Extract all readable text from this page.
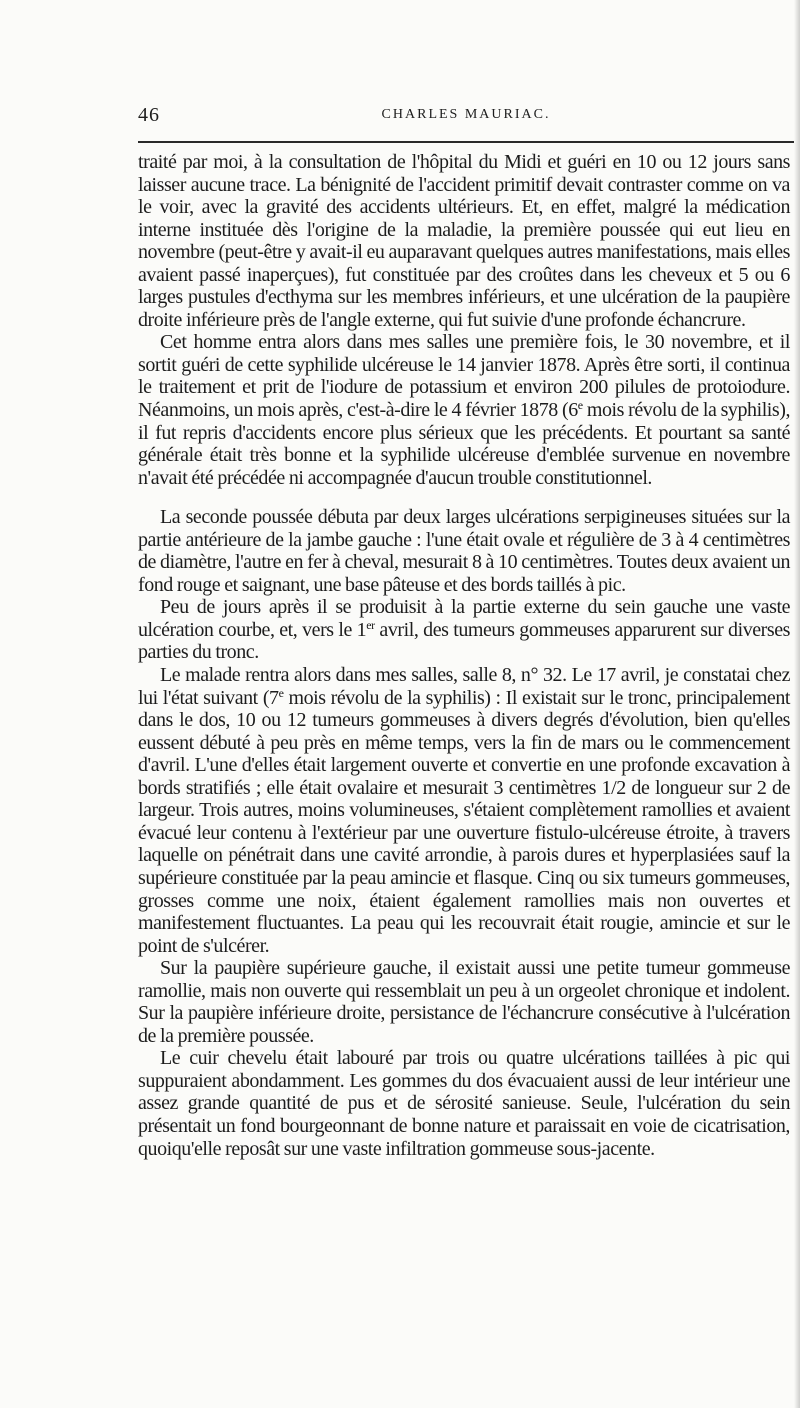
46	CHARLES MAURIAC.

traité par moi, à la consultation de l'hôpital du Midi et guéri en 10 ou 12 jours sans laisser aucune trace. La bénignité de l'accident primitif devait contraster comme on va le voir, avec la gravité des accidents ultérieurs. Et, en effet, malgré la médication interne instituée dès l'origine de la maladie, la première poussée qui eut lieu en novembre (peut-être y avait-il eu auparavant quelques autres manifestations, mais elles avaient passé inaperçues), fut constituée par des croûtes dans les cheveux et 5 ou 6 larges pustules d'ecthyma sur les membres inférieurs, et une ulcération de la paupière droite inférieure près de l'angle externe, qui fut suivie d'une profonde échancrure.

Cet homme entra alors dans mes salles une première fois, le 30 novembre, et il sortit guéri de cette syphilide ulcéreuse le 14 janvier 1878. Après être sorti, il continua le traitement et prit de l'iodure de potassium et environ 200 pilules de protoiodure. Néanmoins, un mois après, c'est-à-dire le 4 février 1878 (6e mois révolu de la syphilis), il fut repris d'accidents encore plus sérieux que les précédents. Et pourtant sa santé générale était très bonne et la syphilide ulcéreuse d'emblée survenue en novembre n'avait été précédée ni accompagnée d'aucun trouble constitutionnel.

La seconde poussée débuta par deux larges ulcérations serpigineuses situées sur la partie antérieure de la jambe gauche : l'une était ovale et régulière de 3 à 4 centimètres de diamètre, l'autre en fer à cheval, mesurait 8 à 10 centimètres. Toutes deux avaient un fond rouge et saignant, une base pâteuse et des bords taillés à pic.

Peu de jours après il se produisit à la partie externe du sein gauche une vaste ulcération courbe, et, vers le 1er avril, des tumeurs gommeuses apparurent sur diverses parties du tronc.

Le malade rentra alors dans mes salles, salle 8, n° 32. Le 17 avril, je constatai chez lui l'état suivant (7e mois révolu de la syphilis) : Il existait sur le tronc, principalement dans le dos, 10 ou 12 tumeurs gommeuses à divers degrés d'évolution, bien qu'elles eussent débuté à peu près en même temps, vers la fin de mars ou le commencement d'avril. L'une d'elles était largement ouverte et convertie en une profonde excavation à bords stratifiés ; elle était ovalaire et mesurait 3 centimètres 1/2 de longueur sur 2 de largeur. Trois autres, moins volumineuses, s'étaient complètement ramollies et avaient évacué leur contenu à l'extérieur par une ouverture fistulo-ulcéreuse étroite, à travers laquelle on pénétrait dans une cavité arrondie, à parois dures et hyperplasiées sauf la supérieure constituée par la peau amincie et flasque. Cinq ou six tumeurs gommeuses, grosses comme une noix, étaient également ramollies mais non ouvertes et manifestement fluctuantes. La peau qui les recouvrait était rougie, amincie et sur le point de s'ulcérer.

Sur la paupière supérieure gauche, il existait aussi une petite tumeur gommeuse ramollie, mais non ouverte qui ressemblait un peu à un orgeolet chronique et indolent. Sur la paupière inférieure droite, persistance de l'échancrure consécutive à l'ulcération de la première poussée.

Le cuir chevelu était labouré par trois ou quatre ulcérations taillées à pic qui suppuraient abondamment. Les gommes du dos évacuaient aussi de leur intérieur une assez grande quantité de pus et de sérosité sanieuse. Seule, l'ulcération du sein présentait un fond bourgeonnant de bonne nature et paraissait en voie de cicatrisation, quoiqu'elle reposât sur une vaste infiltration gommeuse sous-jacente.
